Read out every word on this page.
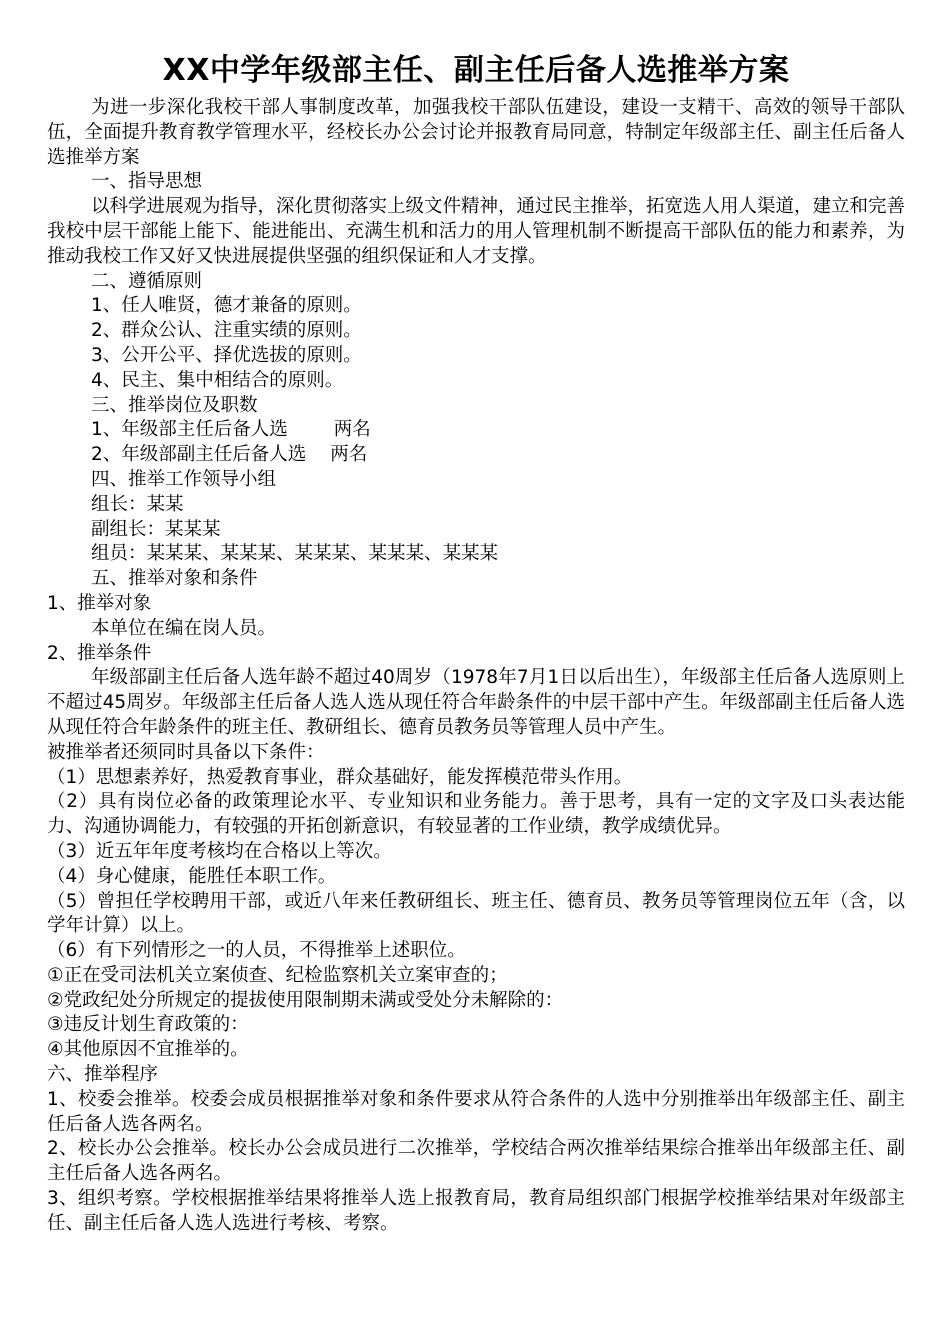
XX中学年级部主任、副主任后备人选推举方案

为进一步深化我校干部人事制度改革，加强我校干部队伍建设，建设一支精干、高效的领导干部队伍，全面提升教育教学管理水平，经校长办公会讨论并报教育局同意，特制定年级部主任、副主任后备人选推举方案

一、指导思想

以科学进展观为指导，深化贯彻落实上级文件精神，通过民主推举，拓宽选人用人渠道，建立和完善我校中层干部能上能下、能进能出、充满生机和活力的用人管理机制不断提高干部队伍的能力和素养，为推动我校工作又好又快进展提供坚强的组织保证和人才支撑。

二、遵循原则

1、任人唯贤，德才兼备的原则。

2、群众公认、注重实绩的原则。

3、公开公平、择优选拔的原则。

4、民主、集中相结合的原则。

三、推举岗位及职数

1、年级部主任后备人选 两名

2、年级部副主任后备人选 两名

四、推举工作领导小组

组长：某某

副组长：某某某

组员：某某某、某某某、某某某、某某某、某某某

五、推举对象和条件

1、推举对象

本单位在编在岗人员。

2、推举条件

年级部副主任后备人选年龄不超过40周岁（1978年7月1日以后出生），年级部主任后备人选原则上不超过45周岁。年级部主任后备人选人选从现任符合年龄条件的中层干部中产生。年级部副主任后备人选从现任符合年龄条件的班主任、教研组长、德育员教务员等管理人员中产生。

被推举者还须同时具备以下条件：

（1）思想素养好，热爱教育事业，群众基础好，能发挥模范带头作用。

（2）具有岗位必备的政策理论水平、专业知识和业务能力。善于思考，具有一定的文字及口头表达能力、沟通协调能力，有较强的开拓创新意识，有较显著的工作业绩，教学成绩优异。

（3）近五年年度考核均在合格以上等次。

（4）身心健康，能胜任本职工作。

（5）曾担任学校聘用干部，或近八年来任教研组长、班主任、德育员、教务员等管理岗位五年（含，以学年计算）以上。

（6）有下列情形之一的人员，不得推举上述职位。

①正在受司法机关立案侦查、纪检监察机关立案审查的；

②党政纪处分所规定的提拔使用限制期未满或受处分未解除的：

③违反计划生育政策的：

④其他原因不宜推举的。

六、推举程序

1、校委会推举。校委会成员根据推举对象和条件要求从符合条件的人选中分别推举出年级部主任、副主任后备人选各两名。

2、校长办公会推举。校长办公会成员进行二次推举，学校结合两次推举结果综合推举出年级部主任、副主任后备人选各两名。

3、组织考察。学校根据推举结果将推举人选上报教育局，教育局组织部门根据学校推举结果对年级部主任、副主任后备人选人选进行考核、考察。
